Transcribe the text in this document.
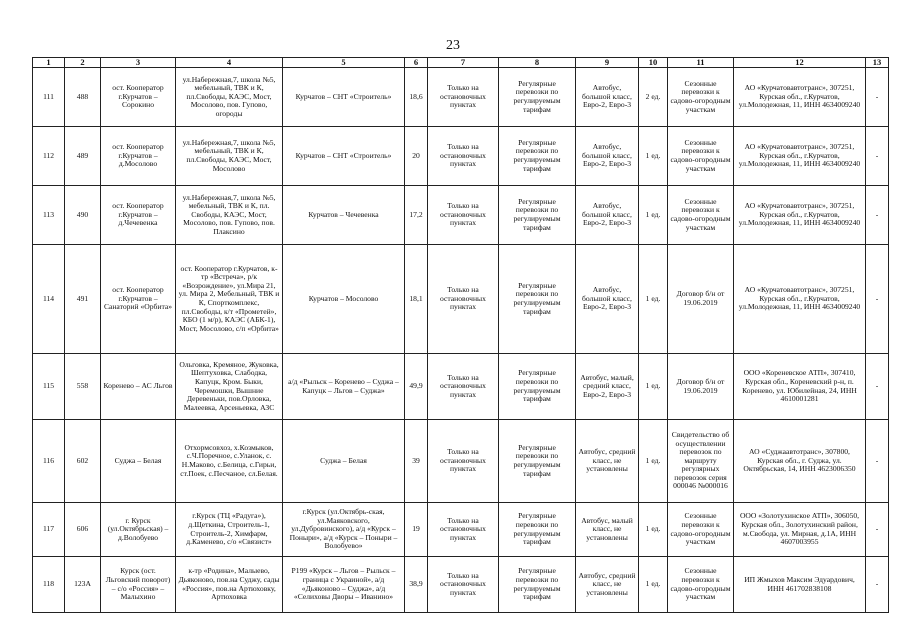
23
1	2	3	4	5	6	7	8	9	10	11	12	13
111	488	ост. Кооператор г.Курчатов – Сорокино	ул.Набережная,7, школа №5, мебельный, ТВК и К, пл.Свободы, КАЭС, Мост, Мосолово, пов. Гупово, огороды	Курчатов – СНТ «Строитель»	18,6	Только на остановочных пунктах	Регулярные перевозки по регулируемым тарифам	Автобус, большой класс, Евро-2, Евро-3	2 ед.	Сезонные перевозки к садово-огородным участкам	АО «Курчатовавтотранс», 307251, Курская обл., г.Курчатов, ул.Молодежная, 11, ИНН 4634009240	-
112	489	ост. Кооператор г.Курчатов – д.Мосолово	ул.Набережная,7, школа №5, мебельный, ТВК и К, пл.Свободы, КАЭС, Мост, Мосолово	Курчатов – СНТ «Строитель»	20	Только на остановочных пунктах	Регулярные перевозки по регулируемым тарифам	Автобус, большой класс, Евро-2, Евро-3	1 ед.	Сезонные перевозки к садово-огородным участкам	АО «Курчатовавтотранс», 307251, Курская обл., г.Курчатов, ул.Молодежная, 11, ИНН 4634009240	-
113	490	ост. Кооператор г.Курчатов – д.Чечевенка	ул.Набережная,7, школа №5, мебельный, ТВК и К, пл. Свободы, КАЭС, Мост, Мосолово, пов. Гупово, пов. Плаксино	Курчатов – Чечевенка	17,2	Только на остановочных пунктах	Регулярные перевозки по регулируемым тарифам	Автобус, большой класс, Евро-2, Евро-3	1 ед.	Сезонные перевозки к садово-огородным участкам	АО «Курчатовавтотранс», 307251, Курская обл., г.Курчатов, ул.Молодежная, 11, ИНН 4634009240	-
114	491	ост. Кооператор г.Курчатов – Санаторий «Орбита»	ост. Кооператор г.Курчатов, к-тр «Встреча», р/к «Возрождение», ул.Мира 21, ул. Мира 2, Мебельный, ТВК и К, Спорткомплекс, пл.Свободы, к/т «Прометей», КБО (1 м/р), КАЭС (АБК-1), Мост, Мосолово, с/п «Орбита»	Курчатов – Мосолово	18,1	Только на остановочных пунктах	Регулярные перевозки по регулируемым тарифам	Автобус, большой класс, Евро-2, Евро-3	1 ед.	Договор б/н от 19.06.2019	АО «Курчатовавтотранс», 307251, Курская обл., г.Курчатов, ул.Молодежная, 11, ИНН 4634009240	-
115	558	Коренево – АС Льгов	Ольговка, Кремяное, Жуковка, Шептуховка, Слабодка, Капуцк, Кром. Быки, Черемошки, Вышние Деревеньки, пов.Орловка, Малеевка, Арсеньевка, АЗС	а/д «Рыльск – Коренево – Суджа – Капуцк – Льгов – Суджа»	49,9	Только на остановочных пунктах	Регулярные перевозки по регулируемым тарифам	Автобус, малый, средний класс, Евро-2, Евро-3	1 ед.	Договор б/н от 19.06.2019	ООО «Кореневское АТП», 307410, Курская обл., Кореневский р-н, п. Коренево, ул. Юбилейная, 24, ИНН 4610001281	-
116	602	Суджа – Белая	Отхормсовхоз, х.Козмыков, с.Ч.Поречное, с.Уланок, с. Н.Маково, с.Белица, с.Гирьи, ст.Поек, с.Песчаное, сл.Белая.	Суджа – Белая	39	Только на остановочных пунктах	Регулярные перевозки по регулируемым тарифам	Автобус, средний класс, не установлены	1 ед.	Свидетельство об осуществлении перевозок по маршруту регулярных перевозок серия 000046 №000016	АО «Суджаавтотранс», 307800, Курская обл., г. Суджа, ул. Октябрьская, 14, ИНН 4623006350	-
117	606	г. Курск (ул.Октябрьская) – д.Волобуево	г.Курск (ТЦ «Радуга»), д.Щеткина, Строитель-1, Строитель-2, Химфарм, д.Каменево, с/о «Связист»	г.Курск (ул.Октябрь-ская, ул.Маяковского, ул.Дубровинского), а/д «Курск – Поныри», а/д «Курск – Поныри – Волобуево»	19	Только на остановочных пунктах	Регулярные перевозки по регулируемым тарифам	Автобус, малый класс, не установлены	1 ед.	Сезонные перевозки к садово-огородным участкам	ООО «Золотухинское АТП», 306050, Курская обл., Золотухинский район, м.Свобода, ул. Мирная, д.1А, ИНН 4607003955	-
118	123А	Курск (ост. Льговский поворот) – с/о «Россия» – Малыхино	к-тр «Родина», Малыево, Дьяконово, пов.на Суджу, сады «Россия», пов.на Артюховку, Артюховка	Р199 «Курск – Льгов – Рыльск – граница с Украиной», а/д «Дьяконово – Суджа», а/д «Селиховы Дворы – Иванино»	38,9	Только на остановочных пунктах	Регулярные перевозки по регулируемым тарифам	Автобус, средний класс, не установлены	1 ед.	Сезонные перевозки к садово-огородным участкам	ИП Жмыхов Максим Эдуардович, ИНН 461702838108	-
